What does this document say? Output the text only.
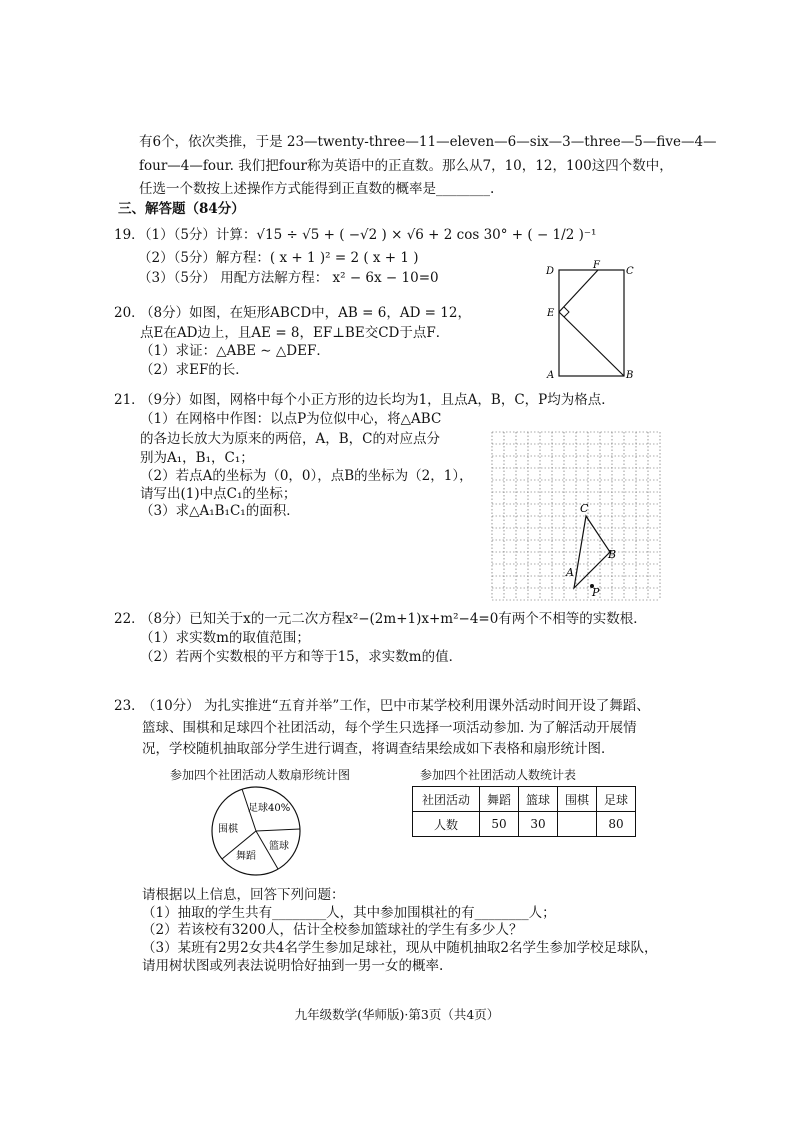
有6个，依次类推，于是 23—twenty-three—11—eleven—6—six—3—three—5—five—4—
four—4—four. 我们把four称为英语中的正直数。那么从7，10，12，100这四个数中，
任选一个数按上述操作方式能得到正直数的概率是________.
三、解答题（84分）
19．
（1）（5分）计算：√15 ÷ √5 + ( −√2 ) × √6 + 2 cos 30° + ( − 1/2 )⁻¹
（2）（5分）解方程：( x + 1 )² = 2 ( x + 1 )
（3）（5分） 用配方法解方程： x² − 6x − 10=0
20．
（8分）如图，在矩形ABCD中，AB = 6，AD = 12，
点E在AD边上，且AE = 8，EF⊥BE交CD于点F．
（1）求证：△ABE ∼ △DEF．
（2）求EF的长．
D
F
C
E
A	B
21．
（9分）如图，网格中每个小正方形的边长均为1，且点A，B，C，P均为格点．
（1）在网格中作图：以点P为位似中心，将△ABC
的各边长放大为原来的两倍，A，B，C的对应点分
别为A₁，B₁，C₁；
（2）若点A的坐标为（0，0），点B的坐标为（2，1），
请写出(1)中点C₁的坐标；
（3）求△A₁B₁C₁的面积．
A
B
C
P
22．
（8分）已知关于x的一元二次方程x²−(2m+1)x+m²−4=0有两个不相等的实数根．
（1）求实数m的取值范围；
（2）若两个实数根的平方和等于15，求实数m的值．
23．
（10分） 为扎实推进“五育并举”工作，巴中市某学校利用课外活动时间开设了舞蹈、
篮球、围棋和足球四个社团活动，每个学生只选择一项活动参加. 为了解活动开展情
况，学校随机抽取部分学生进行调查，将调查结果绘成如下表格和扇形统计图．
参加四个社团活动人数扇形统计图	参加四个社团活动人数统计表
足球40%
围棋
篮球
舞蹈
社团活动	舞蹈	篮球	围棋	足球
人数	50	30		80
请根据以上信息，回答下列问题：
（1）抽取的学生共有________人，其中参加围棋社的有________人；
（2）若该校有3200人，估计全校参加篮球社的学生有多少人？
（3）某班有2男2女共4名学生参加足球社，现从中随机抽取2名学生参加学校足球队，
请用树状图或列表法说明恰好抽到一男一女的概率.
九年级数学(华师版)·第3页（共4页）
